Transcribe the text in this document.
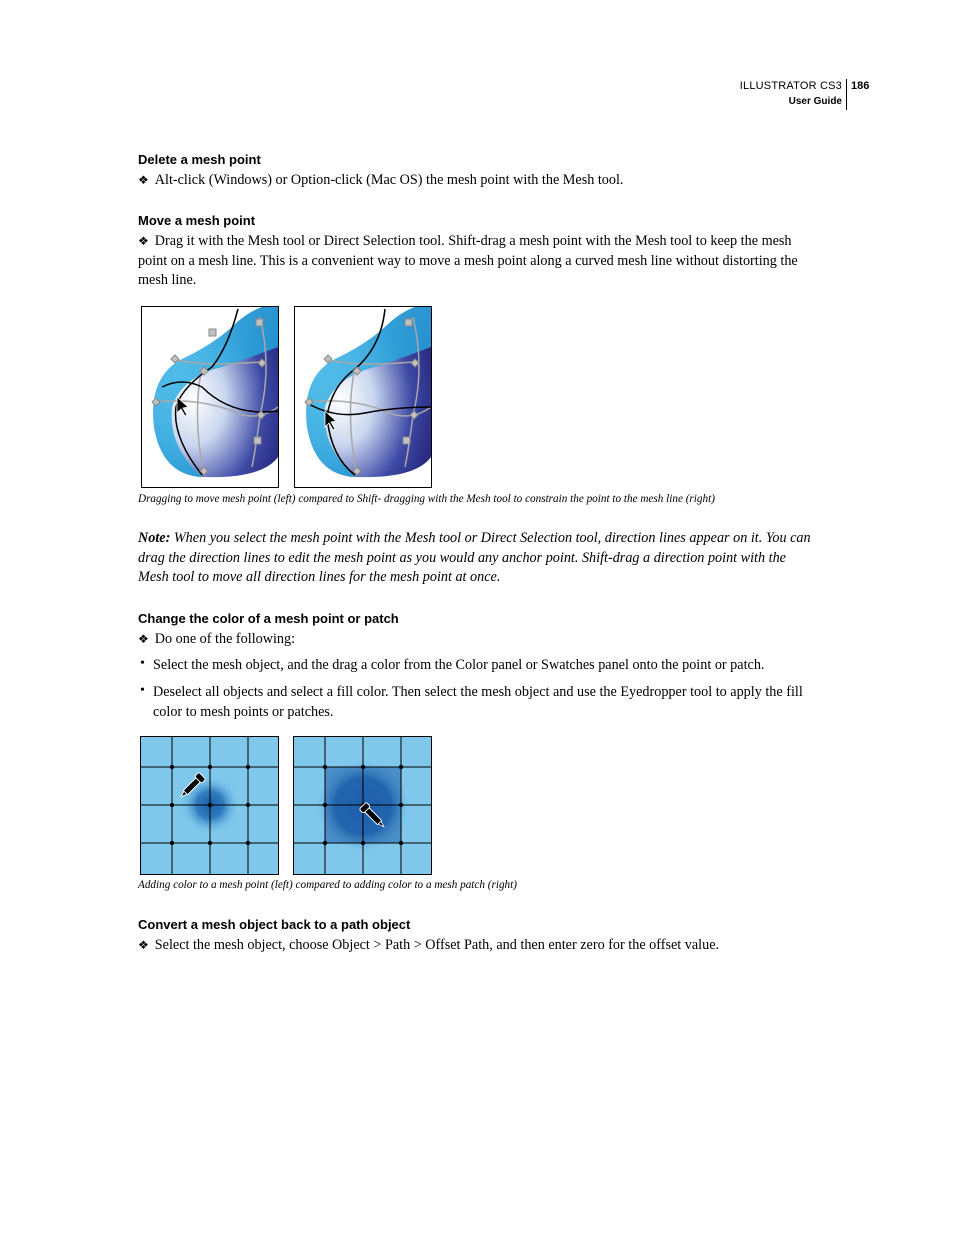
ILLUSTRATOR CS3
User Guide
186
Delete a mesh point
❖ Alt-click (Windows) or Option-click (Mac OS) the mesh point with the Mesh tool.
Move a mesh point
❖ Drag it with the Mesh tool or Direct Selection tool. Shift-drag a mesh point with the Mesh tool to keep the mesh point on a mesh line. This is a convenient way to move a mesh point along a curved mesh line without distorting the mesh line.
Dragging to move mesh point (left) compared to Shift- dragging with the Mesh tool to constrain the point to the mesh line (right)
Note: When you select the mesh point with the Mesh tool or Direct Selection tool, direction lines appear on it. You can drag the direction lines to edit the mesh point as you would any anchor point. Shift-drag a direction point with the Mesh tool to move all direction lines for the mesh point at once.
Change the color of a mesh point or patch
❖ Do one of the following:
• Select the mesh object, and the drag a color from the Color panel or Swatches panel onto the point or patch.
• Deselect all objects and select a fill color. Then select the mesh object and use the Eyedropper tool to apply the fill color to mesh points or patches.
Adding color to a mesh point (left) compared to adding color to a mesh patch (right)
Convert a mesh object back to a path object
❖ Select the mesh object, choose Object > Path > Offset Path, and then enter zero for the offset value.
